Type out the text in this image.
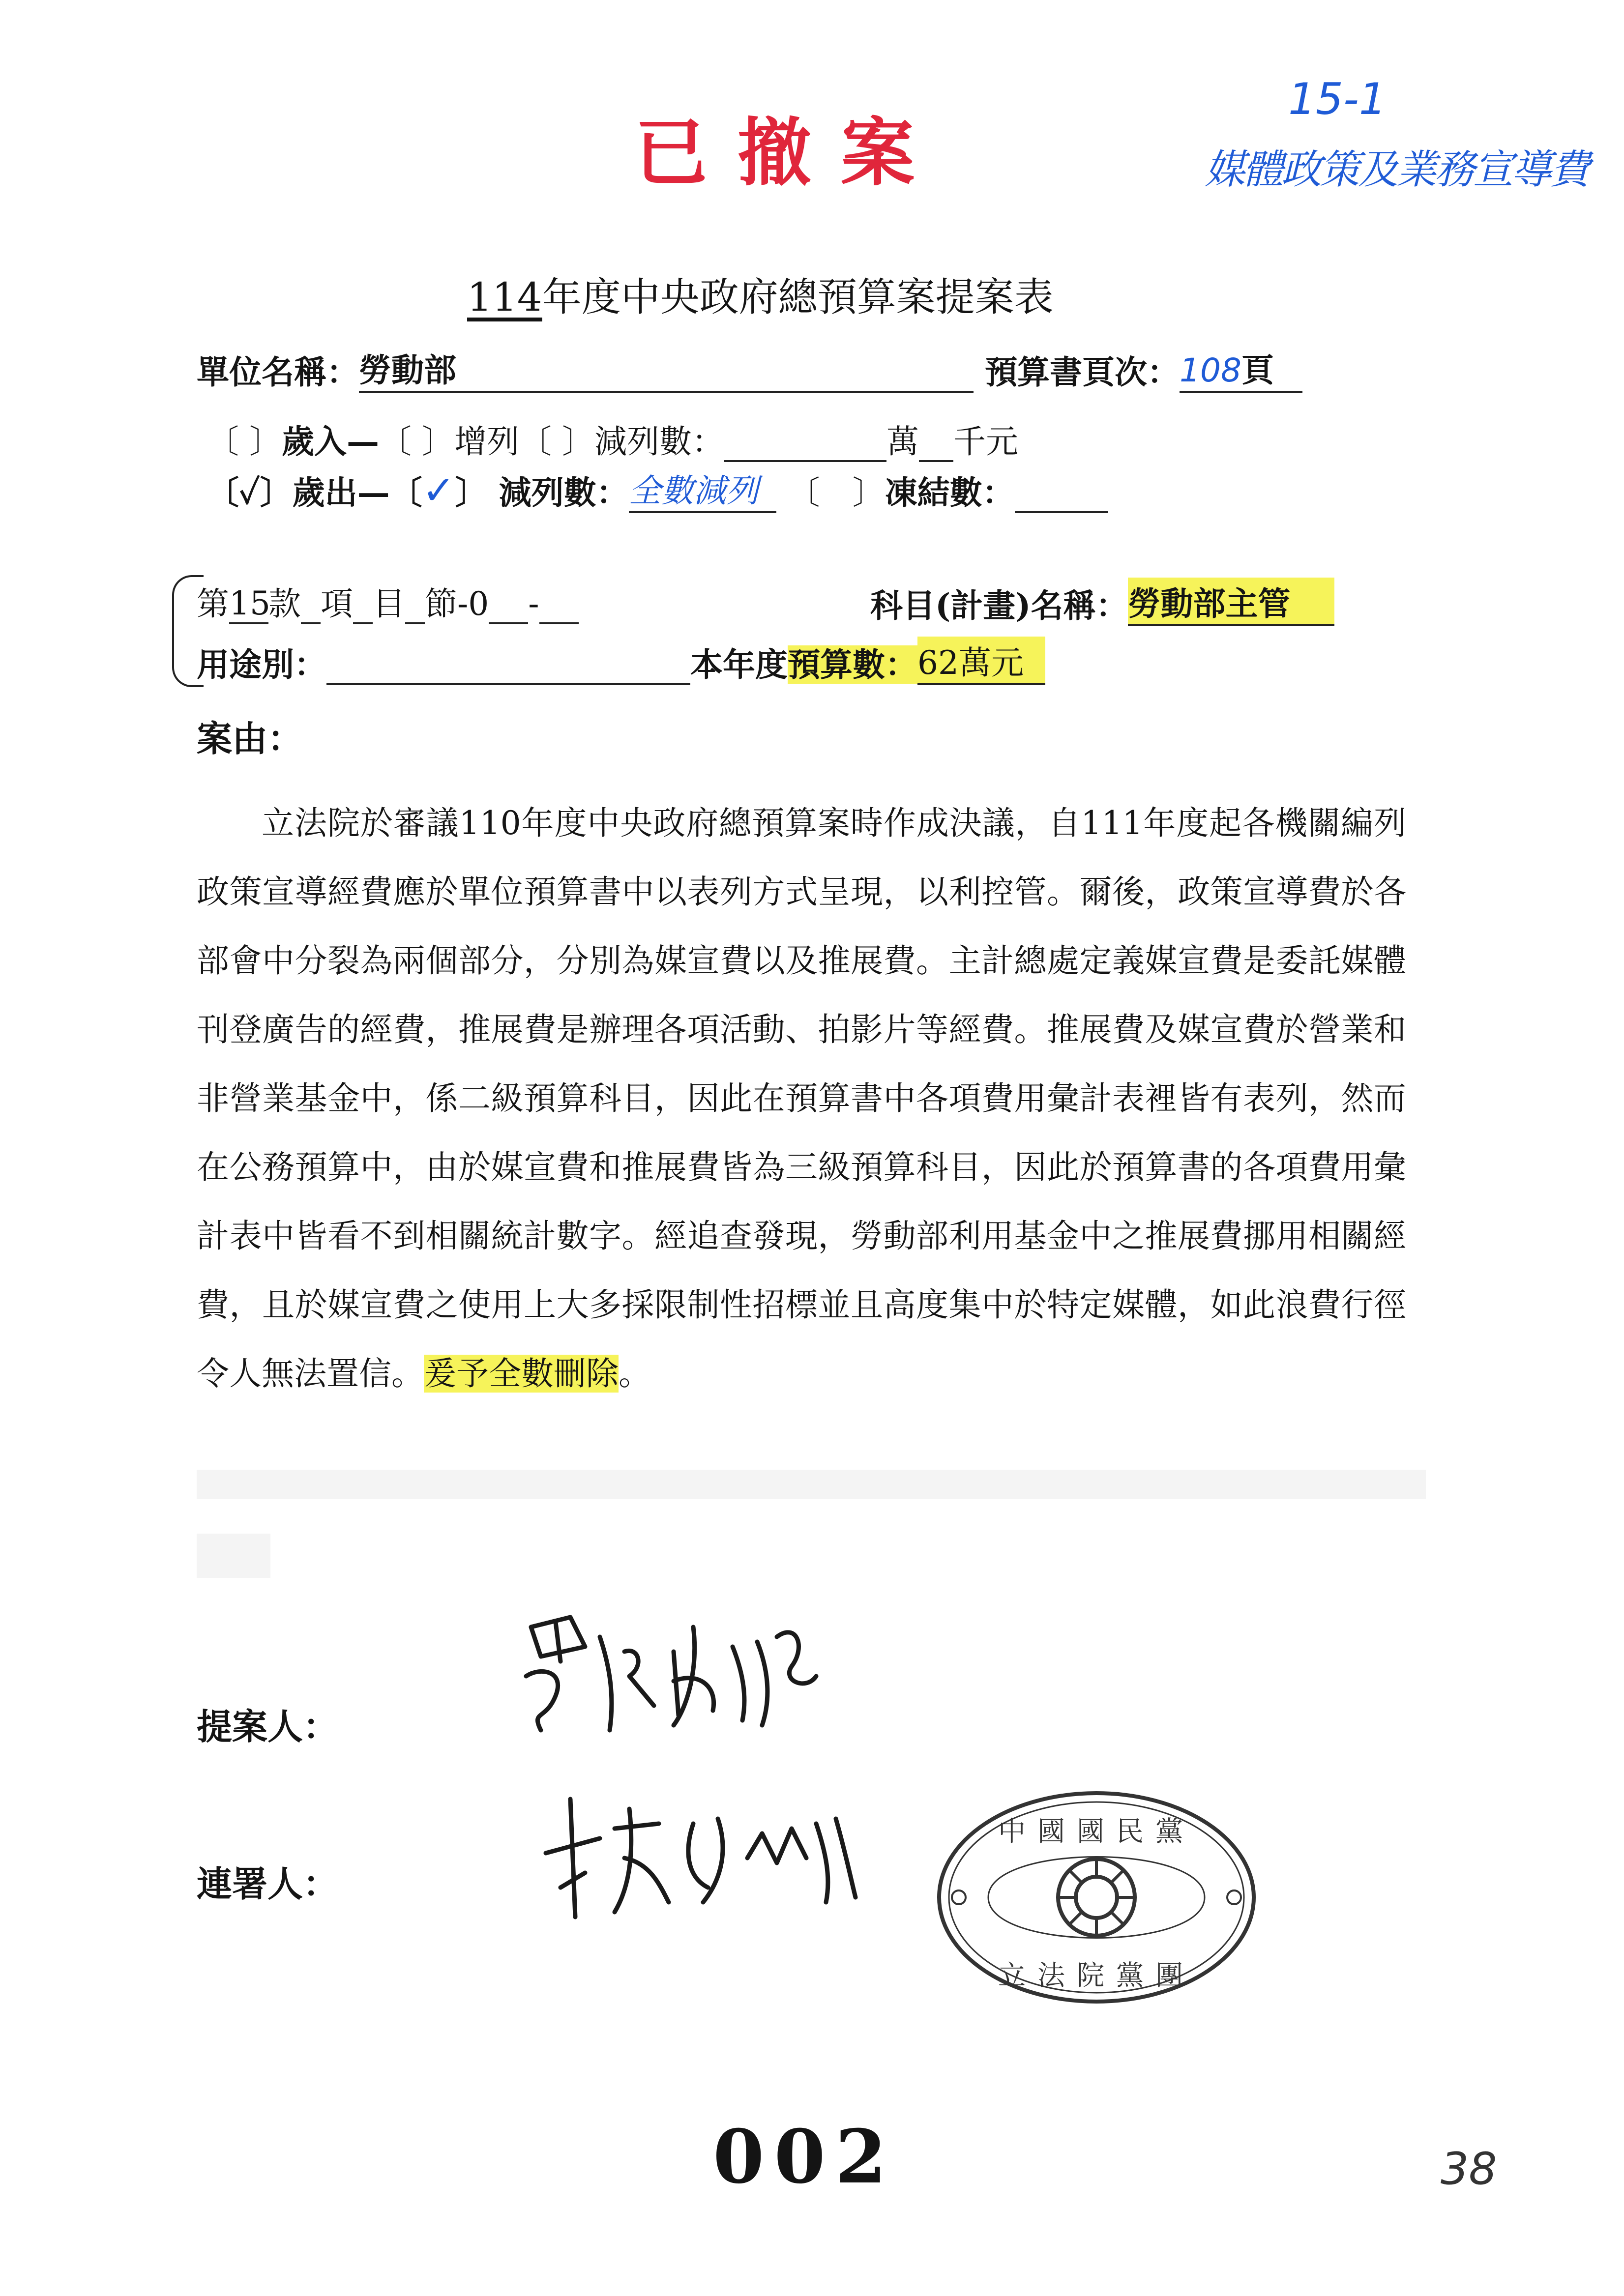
已撤案
15-1
媒體政策及業務宣導費
114年度中央政府總預算案提案表
單位名稱：勞動部	預算書頁次：108頁
〔 〕歲入—〔 〕增列〔 〕減列數：	萬 千元
〔✓〕歲出—〔✓〕 減列數：全數減列 〔　〕凍結數：
第15款 項 目 節-0 -	科目(計畫)名稱：勞動部主管
用途別：	本年度預算數：62萬元
案由：
立法院於審議110年度中央政府總預算案時作成決議，自111年度起各機關編列政策宣導經費應於單位預算書中以表列方式呈現，以利控管。爾後，政策宣導費於各部會中分裂為兩個部分，分別為媒宣費以及推展費。主計總處定義媒宣費是委託媒體刊登廣告的經費，推展費是辦理各項活動、拍影片等經費。推展費及媒宣費於營業和非營業基金中，係二級預算科目，因此在預算書中各項費用彙計表裡皆有表列，然而在公務預算中，由於媒宣費和推展費皆為三級預算科目，因此於預算書的各項費用彙計表中皆看不到相關統計數字。經追查發現，勞動部利用基金中之推展費挪用相關經費，且於媒宣費之使用上大多採限制性招標並且高度集中於特定媒體，如此浪費行徑令人無法置信。爰予全數刪除。
提案人：
連署人：
中國國民黨
立法院黨團
002	38
